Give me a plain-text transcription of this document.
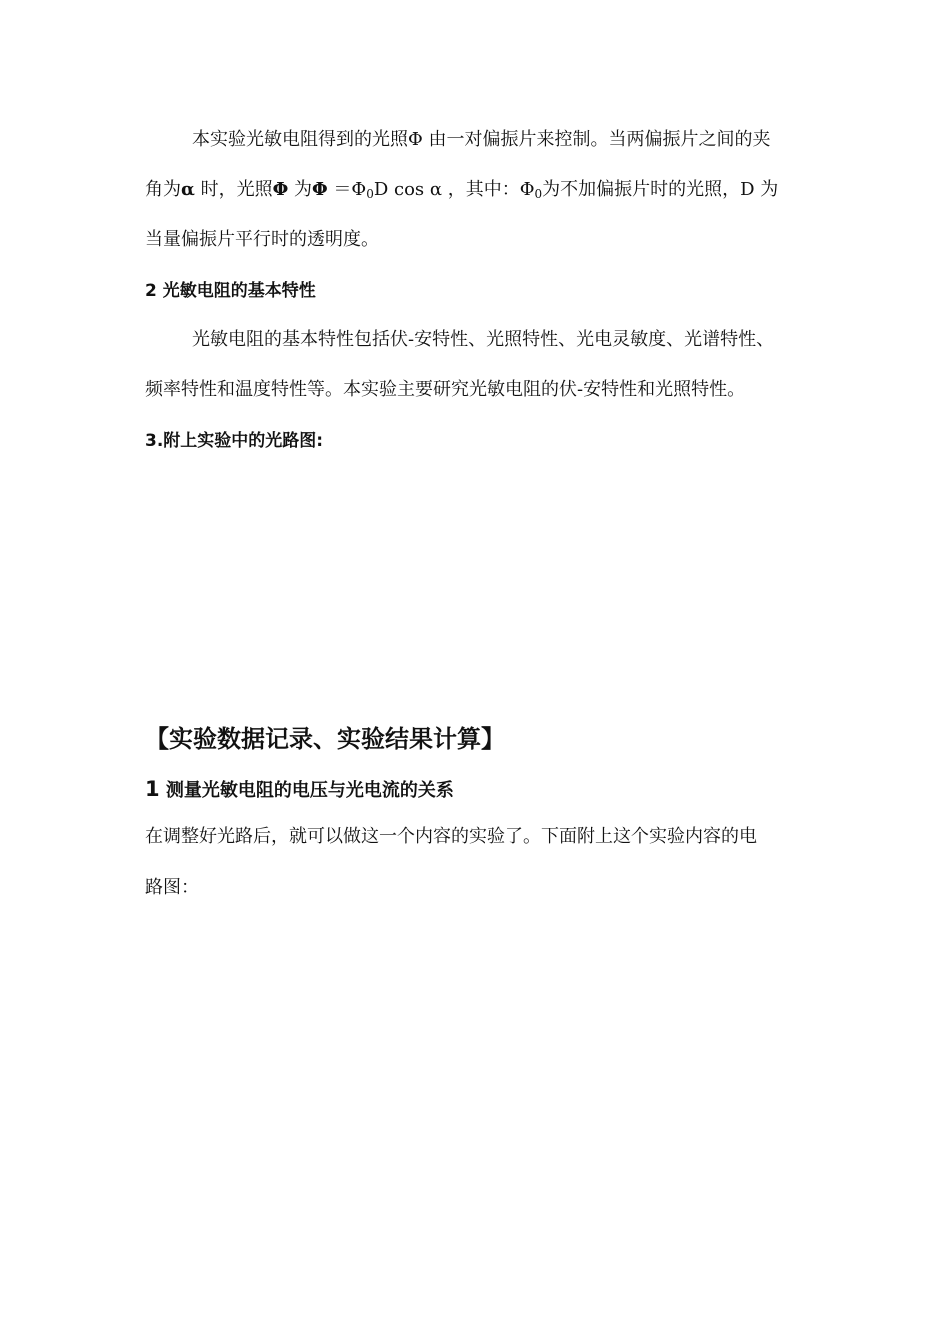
本实验光敏电阻得到的光照Φ 由一对偏振片来控制。当两偏振片之间的夹
角为α 时，光照Φ 为$\Phi =\Phi_0D$ cos α ，其中：$\Phi_0$为不加偏振片时的光照，D 为
当量偏振片平行时的透明度。
2 光敏电阻的基本特性
光敏电阻的基本特性包括伏-安特性、光照特性、光电灵敏度、光谱特性、
频率特性和温度特性等。本实验主要研究光敏电阻的伏-安特性和光照特性。
3.附上实验中的光路图:
【实验数据记录、实验结果计算】
1 测量光敏电阻的电压与光电流的关系
在调整好光路后，就可以做这一个内容的实验了。下面附上这个实验内容的电
路图：
